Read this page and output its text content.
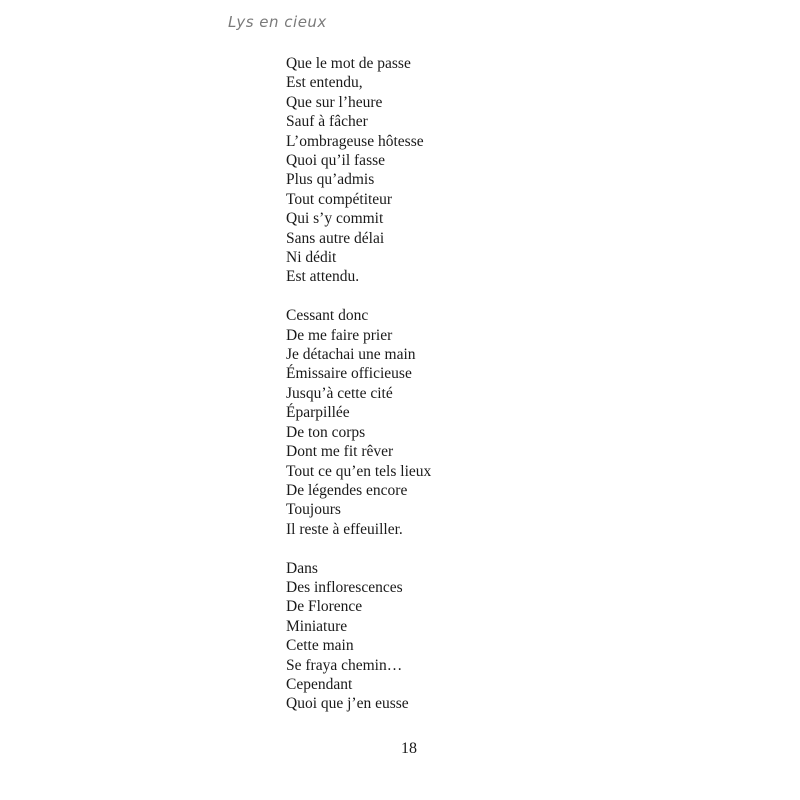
Lys en cieux
Que le mot de passe
Est entendu,
Que sur l’heure
Sauf à fâcher
L’ombrageuse hôtesse
Quoi qu’il fasse
Plus qu’admis
Tout compétiteur
Qui s’y commit
Sans autre délai
Ni dédit
Est attendu.
Cessant donc
De me faire prier
Je détachai une main
Émissaire officieuse
Jusqu’à cette cité
Éparpillée
De ton corps
Dont me fit rêver
Tout ce qu’en tels lieux
De légendes encore
Toujours
Il reste à effeuiller.
Dans
Des inflorescences
De Florence
Miniature
Cette main
Se fraya chemin…
Cependant
Quoi que j’en eusse
18
